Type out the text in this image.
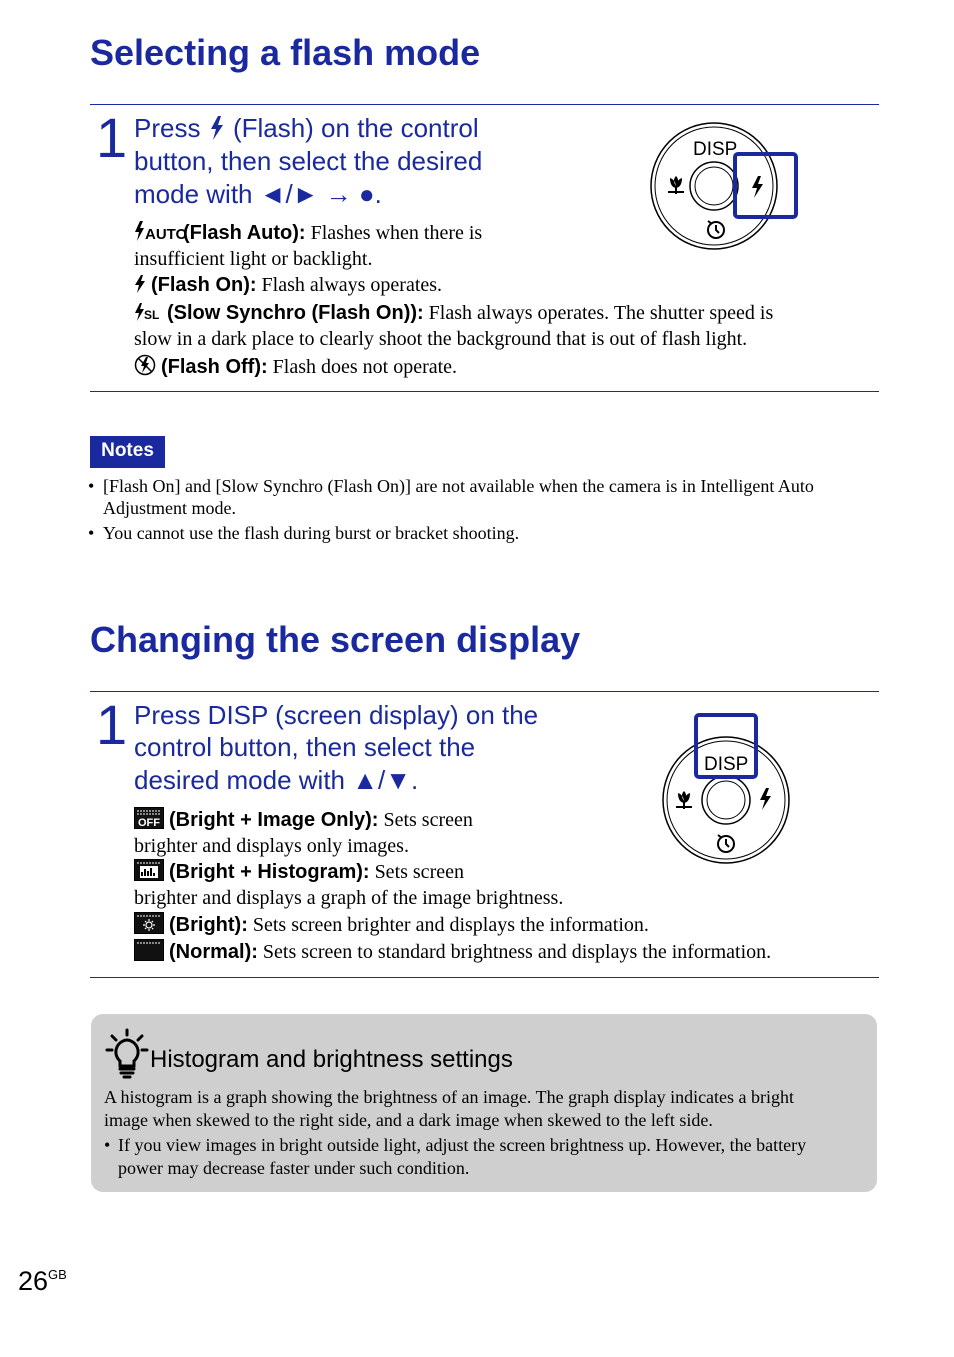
Selecting a flash mode
1 Press (Flash) on the control
button, then select the desired
mode with ◄/► → ●.
DISP
AUTO
(Flash Auto): Flashes when there is
insufficient light or backlight.
(Flash On): Flash always operates.
SL (Slow Synchro (Flash On)): Flash always operates. The shutter speed is
slow in a dark place to clearly shoot the background that is out of flash light.
(Flash Off): Flash does not operate.
Notes
• [Flash On] and [Slow Synchro (Flash On)] are not available when the camera is in Intelligent Auto
Adjustment mode.
• You cannot use the flash during burst or bracket shooting.
Changing the screen display
1 Press DISP (screen display) on the
control button, then select the
desired mode with ▲/▼.
DISP
OFF (Bright + Image Only): Sets screen
brighter and displays only images.
(Bright + Histogram): Sets screen
brighter and displays a graph of the image brightness.
(Bright): Sets screen brighter and displays the information.
(Normal): Sets screen to standard brightness and displays the information.
Histogram and brightness settings
A histogram is a graph showing the brightness of an image. The graph display indicates a bright
image when skewed to the right side, and a dark image when skewed to the left side.
• If you view images in bright outside light, adjust the screen brightness up. However, the battery
power may decrease faster under such condition.
$26^{GB}$
